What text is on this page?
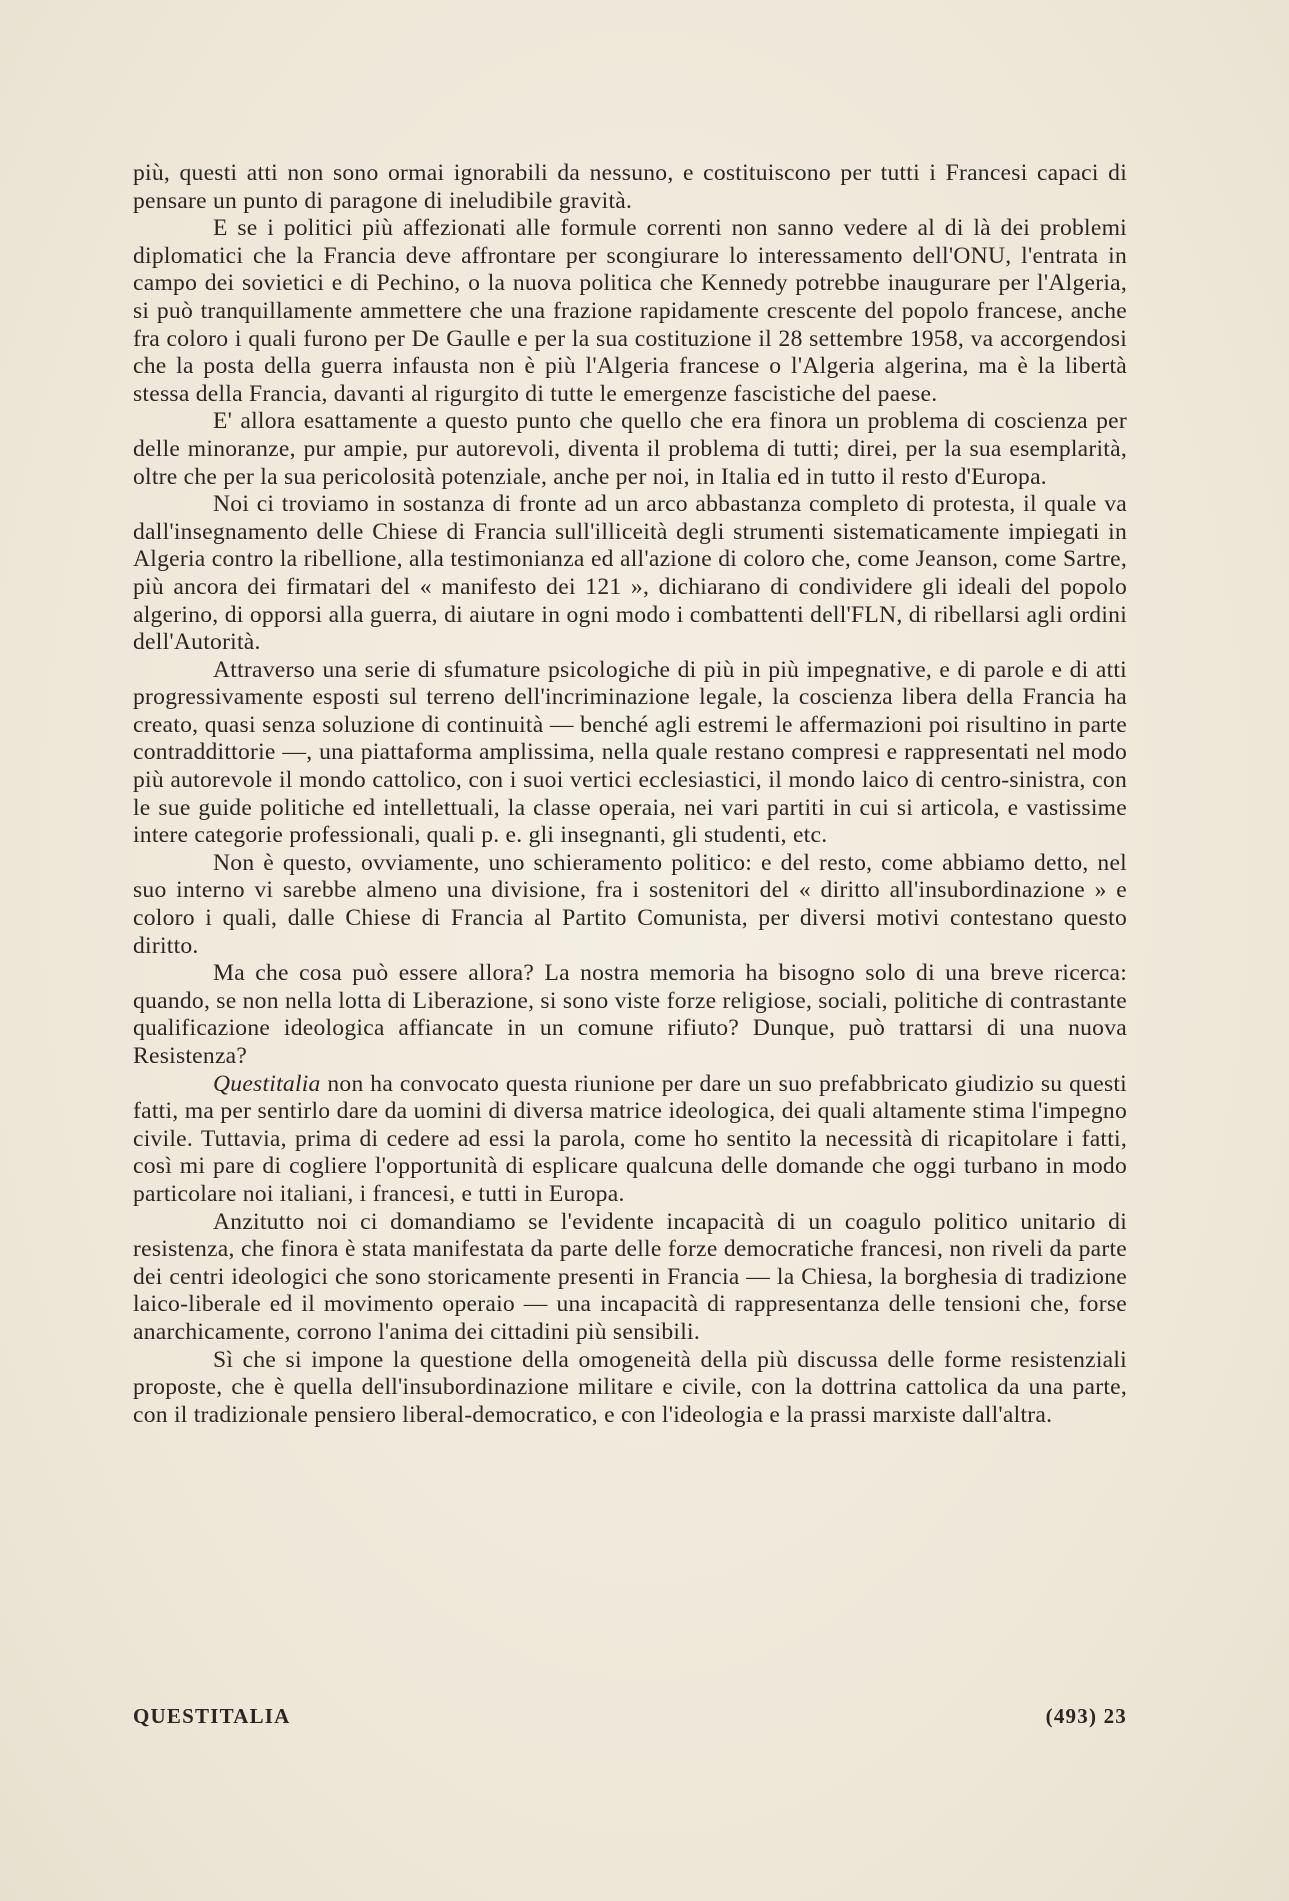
più, questi atti non sono ormai ignorabili da nessuno, e costituiscono per tutti i Francesi capaci di pensare un punto di paragone di ineludibile gravità.

E se i politici più affezionati alle formule correnti non sanno vedere al di là dei problemi diplomatici che la Francia deve affrontare per scongiurare lo interessamento dell'ONU, l'entrata in campo dei sovietici e di Pechino, o la nuova politica che Kennedy potrebbe inaugurare per l'Algeria, si può tranquillamente ammettere che una frazione rapidamente crescente del popolo francese, anche fra coloro i quali furono per De Gaulle e per la sua costituzione il 28 settembre 1958, va accorgendosi che la posta della guerra infausta non è più l'Algeria francese o l'Algeria algerina, ma è la libertà stessa della Francia, davanti al rigurgito di tutte le emergenze fascistiche del paese.

E' allora esattamente a questo punto che quello che era finora un problema di coscienza per delle minoranze, pur ampie, pur autorevoli, diventa il problema di tutti; direi, per la sua esemplarità, oltre che per la sua pericolosità potenziale, anche per noi, in Italia ed in tutto il resto d'Europa.

Noi ci troviamo in sostanza di fronte ad un arco abbastanza completo di protesta, il quale va dall'insegnamento delle Chiese di Francia sull'illiceità degli strumenti sistematicamente impiegati in Algeria contro la ribellione, alla testimonianza ed all'azione di coloro che, come Jeanson, come Sartre, più ancora dei firmatari del « manifesto dei 121 », dichiarano di condividere gli ideali del popolo algerino, di opporsi alla guerra, di aiutare in ogni modo i combattenti dell'FLN, di ribellarsi agli ordini dell'Autorità.

Attraverso una serie di sfumature psicologiche di più in più impegnative, e di parole e di atti progressivamente esposti sul terreno dell'incriminazione legale, la coscienza libera della Francia ha creato, quasi senza soluzione di continuità — benché agli estremi le affermazioni poi risultino in parte contraddittorie —, una piattaforma amplissima, nella quale restano compresi e rappresentati nel modo più autorevole il mondo cattolico, con i suoi vertici ecclesiastici, il mondo laico di centro-sinistra, con le sue guide politiche ed intellettuali, la classe operaia, nei vari partiti in cui si articola, e vastissime intere categorie professionali, quali p. e. gli insegnanti, gli studenti, etc.

Non è questo, ovviamente, uno schieramento politico: e del resto, come abbiamo detto, nel suo interno vi sarebbe almeno una divisione, fra i sostenitori del « diritto all'insubordinazione » e coloro i quali, dalle Chiese di Francia al Partito Comunista, per diversi motivi contestano questo diritto.

Ma che cosa può essere allora? La nostra memoria ha bisogno solo di una breve ricerca: quando, se non nella lotta di Liberazione, si sono viste forze religiose, sociali, politiche di contrastante qualificazione ideologica affiancate in un comune rifiuto? Dunque, può trattarsi di una nuova Resistenza?

Questitalia non ha convocato questa riunione per dare un suo prefabbricato giudizio su questi fatti, ma per sentirlo dare da uomini di diversa matrice ideologica, dei quali altamente stima l'impegno civile. Tuttavia, prima di cedere ad essi la parola, come ho sentito la necessità di ricapitolare i fatti, così mi pare di cogliere l'opportunità di esplicare qualcuna delle domande che oggi turbano in modo particolare noi italiani, i francesi, e tutti in Europa.

Anzitutto noi ci domandiamo se l'evidente incapacità di un coagulo politico unitario di resistenza, che finora è stata manifestata da parte delle forze democratiche francesi, non riveli da parte dei centri ideologici che sono storicamente presenti in Francia — la Chiesa, la borghesia di tradizione laico-liberale ed il movimento operaio — una incapacità di rappresentanza delle tensioni che, forse anarchicamente, corrono l'anima dei cittadini più sensibili.

Sì che si impone la questione della omogeneità della più discussa delle forme resistenziali proposte, che è quella dell'insubordinazione militare e civile, con la dottrina cattolica da una parte, con il tradizionale pensiero liberal-democratico, e con l'ideologia e la prassi marxiste dall'altra.

QUESTITALIA	(493) 23
